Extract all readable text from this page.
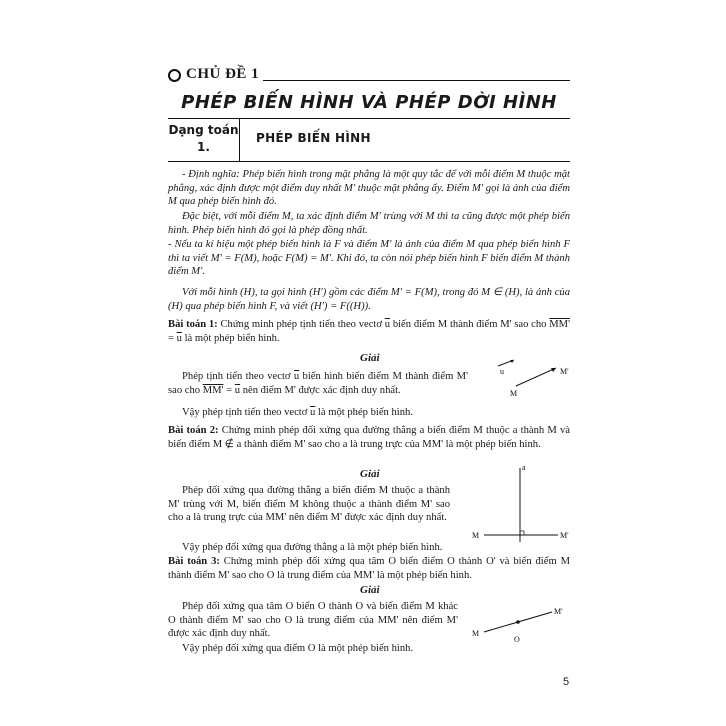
CHỦ ĐỀ 1
PHÉP BIẾN HÌNH VÀ PHÉP DỜI HÌNH
Dạng toán
1.
PHÉP BIẾN HÌNH
- Định nghĩa: Phép biến hình trong mặt phẳng là một quy tắc để với mỗi điểm M thuộc mặt phẳng, xác định được một điểm duy nhất M' thuộc mặt phẳng ấy. Điểm M' gọi là ảnh của điểm M qua phép biến hình đó.
Đặc biệt, với mỗi điểm M, ta xác định điểm M' trùng với M thì ta cũng được một phép biến hình. Phép biến hình đó gọi là phép đồng nhất.
- Nếu ta kí hiệu một phép biến hình là F và điểm M' là ảnh của điểm M qua phép biến hình F thì ta viết M' = F(M), hoặc F(M) = M'. Khi đó, ta còn nói phép biến hình F biến điểm M thành điểm M'.
Với mỗi hình (H), ta gọi hình (H') gồm các điểm M' = F(M), trong đó M ∈ (H), là ảnh của (H) qua phép biến hình F, và viết (H') = F((H)).
Bài toán 1: Chứng minh phép tịnh tiến theo vectơ $\overline{u}$ biến điểm M thành điểm M' sao cho $MM' = \overline{u}$ là một phép biến hình.
Giải
Phép tịnh tiến theo vectơ $\overline{u}$ biến hình biến điểm M thành điểm M' sao cho $MM' = \overline{u}$ nên điểm M' được xác định duy nhất.
Vậy phép tịnh tiến theo vectơ $\overline{u}$ là một phép biến hình.
u
M
M'
Bài toán 2: Chứng minh phép đối xứng qua đường thẳng a biến điểm M thuộc a thành M và biến điểm M ∉ a thành điểm M' sao cho a là trung trực của MM' là một phép biến hình.
Giải
Phép đối xứng qua đường thẳng a biến điểm M thuộc a thành M' trùng với M, biến điểm M không thuộc a thành điểm M' sao cho a là trung trực của MM' nên điểm M' được xác định duy nhất.
Vậy phép đối xứng qua đường thẳng a là một phép biến hình.
a
M	M'
Bài toán 3: Chứng minh phép đối xứng qua tâm O biến điểm O thành O' và biến điểm M thành điểm M' sao cho O là trung điểm của MM' là một phép biến hình.
Giải
Phép đối xứng qua tâm O biến O thành O và biến điểm M khác O thành điểm M' sao cho O là trung điểm của MM' nên điểm M' được xác định duy nhất.
Vậy phép đối xứng qua điểm O là một phép biến hình.
M
O
M'
5
